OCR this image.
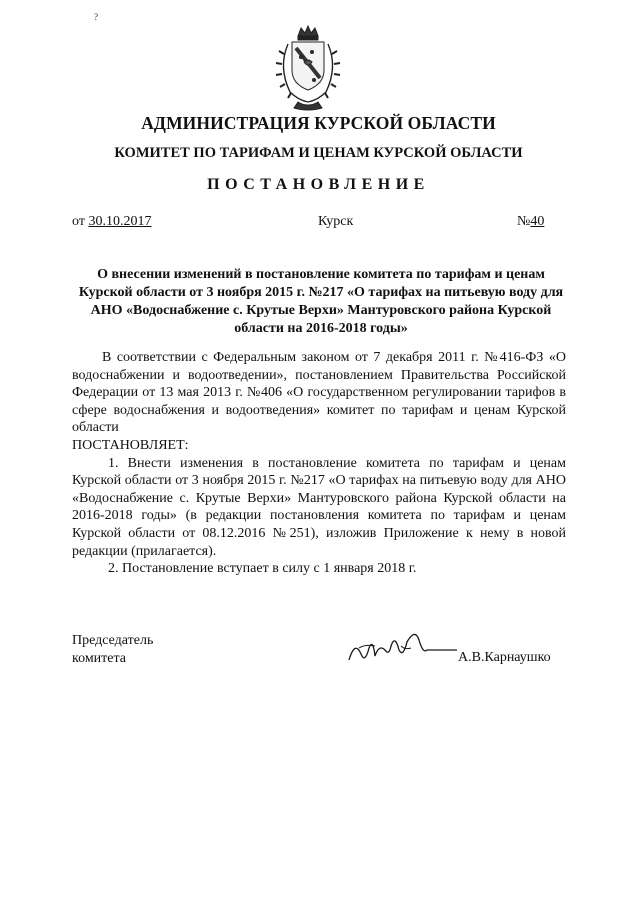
?
АДМИНИСТРАЦИЯ КУРСКОЙ ОБЛАСТИ
КОМИТЕТ ПО ТАРИФАМ И ЦЕНАМ КУРСКОЙ ОБЛАСТИ
ПОСТАНОВЛЕНИЕ
от 30.10.2017	Курск	№40
О внесении изменений в постановление комитета по тарифам и ценам Курской области от 3 ноября 2015 г. №217 «О тарифах на питьевую воду для АНО «Водоснабжение с. Крутые Верхи» Мантуровского района Курской области на 2016-2018 годы»

В соответствии с Федеральным законом от 7 декабря 2011 г. №416-ФЗ «О водоснабжении и водоотведении», постановлением Правительства Российской Федерации от 13 мая 2013 г. №406 «О государственном регулировании тарифов в сфере водоснабжения и водоотведения» комитет по тарифам и ценам Курской области

ПОСТАНОВЛЯЕТ:

1. Внести изменения в постановление комитета по тарифам и ценам Курской области от 3 ноября 2015 г. №217 «О тарифах на питьевую воду для АНО «Водоснабжение с. Крутые Верхи» Мантуровского района Курской области на 2016-2018 годы» (в редакции постановления комитета по тарифам и ценам Курской области от 08.12.2016 №251), изложив Приложение к нему в новой редакции (прилагается).

2. Постановление вступает в силу с 1 января 2018 г.

Председатель
комитета	А.В.Карнаушко
